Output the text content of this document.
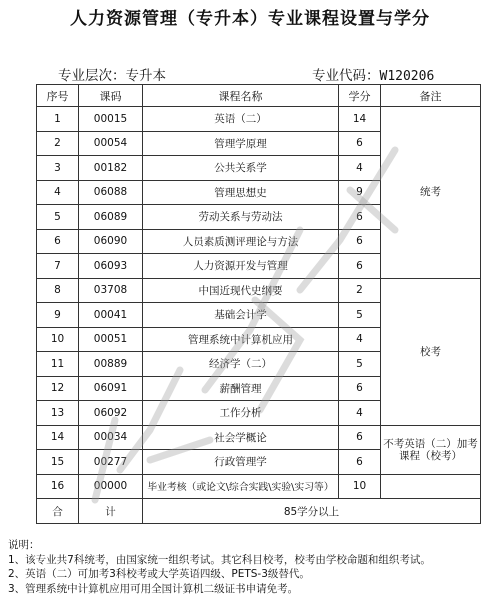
人力资源管理（专升本）专业课程设置与学分
专业层次：专升本	专业代码：W120206
序号	课码	课程名称	学分	备注
1	00015	英语（二）	14	统考
2	00054	管理学原理	6	
3	00182	公共关系学	4	
4	06088	管理思想史	9	
5	06089	劳动关系与劳动法	6	
6	06090	人员素质测评理论与方法	6	
7	06093	人力资源开发与管理	6	
8	03708	中国近现代史纲要	2	校考
9	00041	基础会计学	5	
10	00051	管理系统中计算机应用	4	
11	00889	经济学（二）	5	
12	06091	薪酬管理	6	
13	06092	工作分析	4	
14	00034	社会学概论	6	不考英语（二）加考课程（校考）
15	00277	行政管理学	6	
16	00000	毕业考核（或论文\综合实践\实验\实习等）	10	
合	计	85学分以上		
说明：
1、该专业共7科统考，由国家统一组织考试。其它科目校考，校考由学校命题和组织考试。
2、英语（二）可加考3科校考或大学英语四级、PETS-3级替代。
3、管理系统中计算机应用可用全国计算机二级证书申请免考。
